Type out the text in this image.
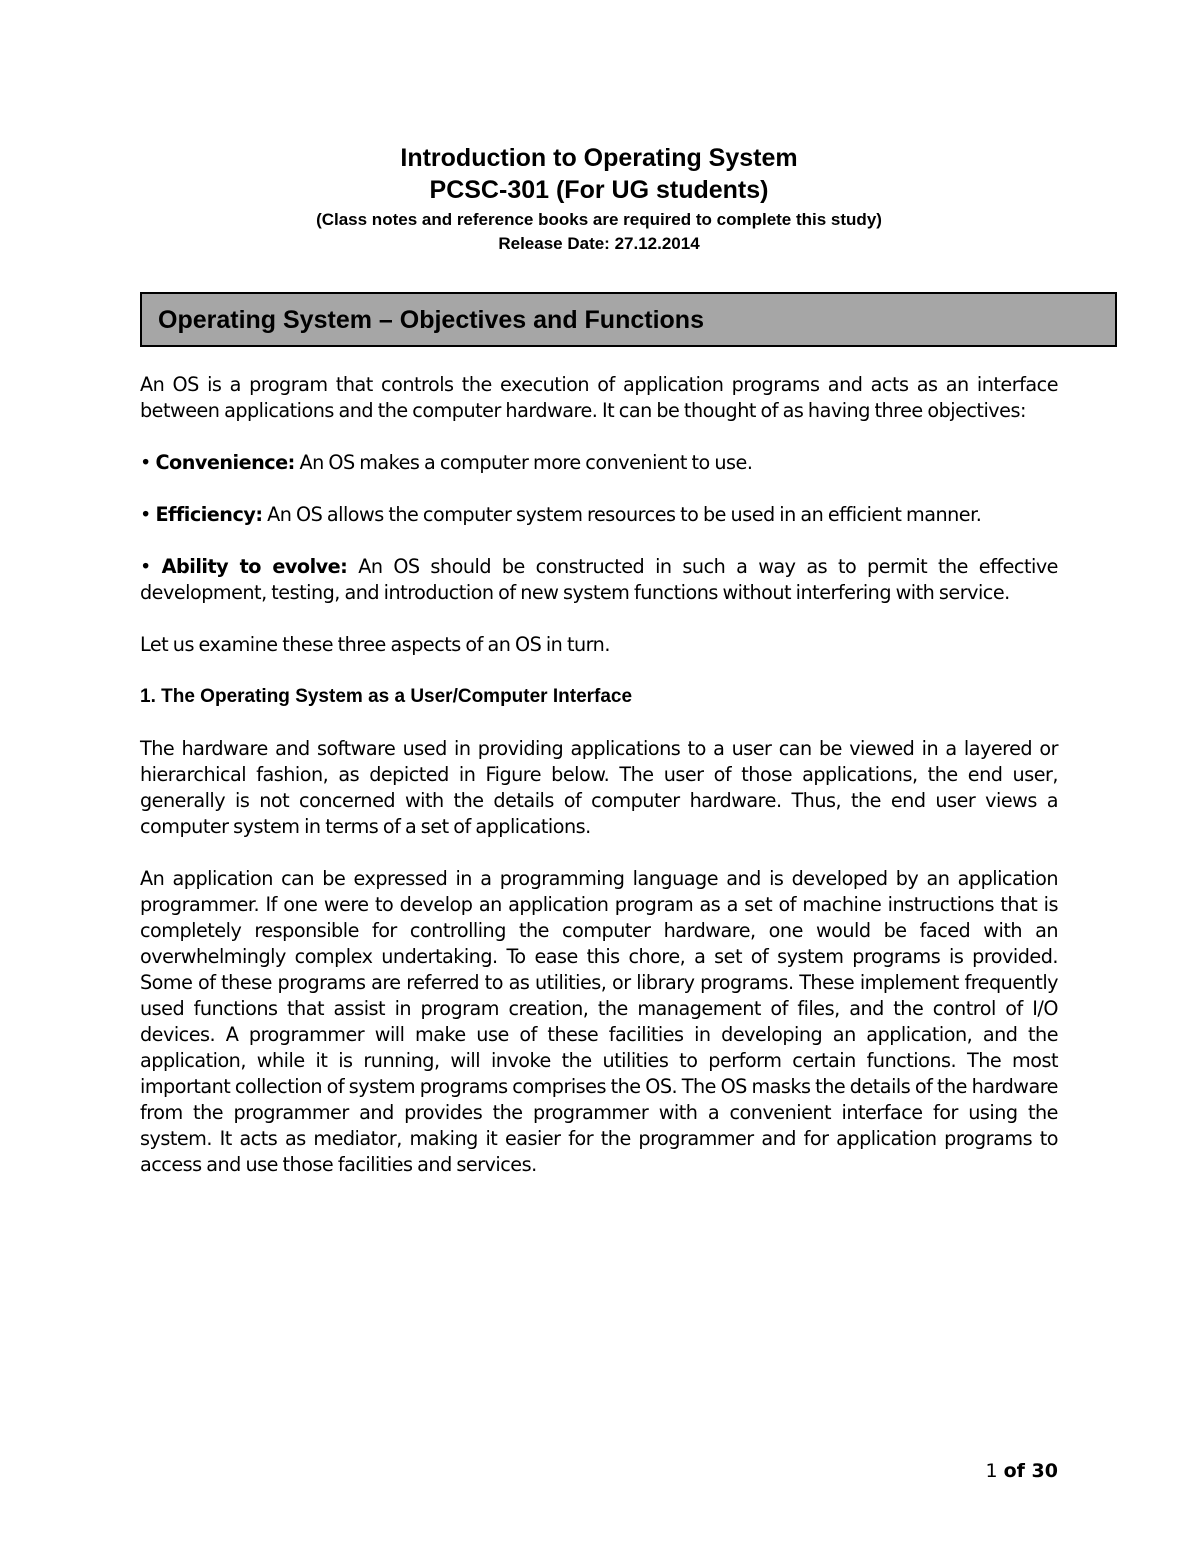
Introduction to Operating System
PCSC-301 (For UG students)
(Class notes and reference books are required to complete this study)
Release Date: 27.12.2014
Operating System – Objectives and Functions

An OS is a program that controls the execution of application programs and acts as an interface between applications and the computer hardware. It can be thought of as having three objectives:

• Convenience: An OS makes a computer more convenient to use.

• Efficiency: An OS allows the computer system resources to be used in an efficient manner.

• Ability to evolve: An OS should be constructed in such a way as to permit the effective development, testing, and introduction of new system functions without interfering with service.

Let us examine these three aspects of an OS in turn.

1. The Operating System as a User/Computer Interface

The hardware and software used in providing applications to a user can be viewed in a layered or hierarchical fashion, as depicted in Figure below. The user of those applications, the end user, generally is not concerned with the details of computer hardware. Thus, the end user views a computer system in terms of a set of applications.

An application can be expressed in a programming language and is developed by an application programmer. If one were to develop an application program as a set of machine instructions that is completely responsible for controlling the computer hardware, one would be faced with an overwhelmingly complex undertaking. To ease this chore, a set of system programs is provided. Some of these programs are referred to as utilities, or library programs. These implement frequently used functions that assist in program creation, the management of files, and the control of I/O devices. A programmer will make use of these facilities in developing an application, and the application, while it is running, will invoke the utilities to perform certain functions. The most important collection of system programs comprises the OS. The OS masks the details of the hardware from the programmer and provides the programmer with a convenient interface for using the system. It acts as mediator, making it easier for the programmer and for application programs to access and use those facilities and services.

1 of 30
